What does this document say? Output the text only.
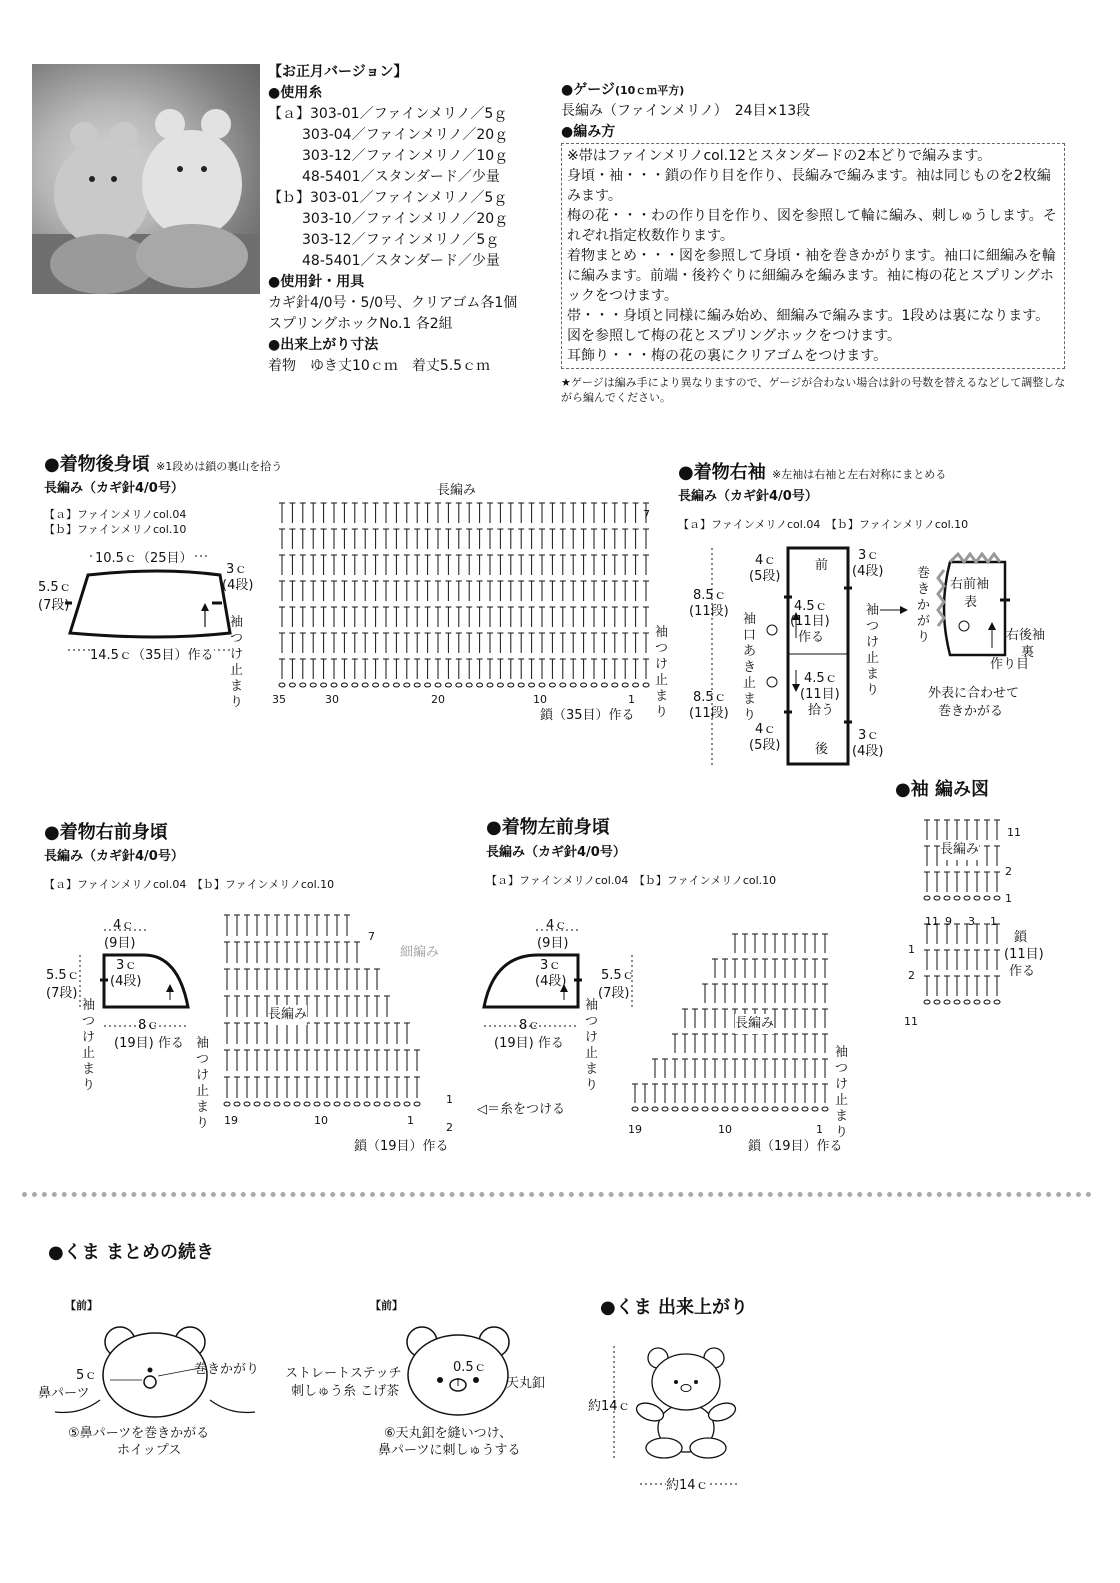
【お正月バージョン】
●使用糸
【ａ】303-01／ファインメリノ／5ｇ
303-04／ファインメリノ／20ｇ
303-12／ファインメリノ／10ｇ
48-5401／スタンダード／少量
【ｂ】303-01／ファインメリノ／5ｇ
303-10／ファインメリノ／20ｇ
303-12／ファインメリノ／5ｇ
48-5401／スタンダード／少量
●使用針・用具
カギ針4/0号・5/0号、クリアゴム各1個
スプリングホックNo.1 各2組
●出来上がり寸法
着物　ゆき丈10ｃｍ　着丈5.5ｃｍ
●ゲージ(10ｃｍ平方)
長編み（ファインメリノ）　24目×13段
●編み方
※帯はファインメリノcol.12とスタンダードの2本どりで編みます。
身頃・袖・・・鎖の作り目を作り、長編みで編みます。袖は同じものを2枚編みます。
梅の花・・・わの作り目を作り、図を参照して輪に編み、刺しゅうします。それぞれ指定枚数作ります。
着物まとめ・・・図を参照して身頃・袖を巻きかがります。袖口に細編みを輪に編みます。前端・後衿ぐりに細編みを編みます。袖に梅の花とスプリングホックをつけます。
帯・・・身頃と同様に編み始め、細編みで編みます。1段めは裏になります。図を参照して梅の花とスプリングホックをつけます。
耳飾り・・・梅の花の裏にクリアゴムをつけます。
★ゲージは編み手により異なりますので、ゲージが合わない場合は針の号数を替えるなどして調整しながら編んでください。
●着物後身頃 ※1段めは鎖の裏山を拾う
長編み（カギ針4/0号）
【ａ】ファインメリノcol.04
【ｂ】ファインメリノcol.10
10.5ｃ（25目）
5.5ｃ
(7段)
3ｃ
(4段)
袖つけ止まり
14.5ｃ（35目）作る
長編み
7
35	30	20	10	1
鎖（35目）作る
袖つけ止まり
●着物右袖 ※左袖は右袖と左右対称にまとめる
長編み（カギ針4/0号）
【ａ】ファインメリノcol.04　【ｂ】ファインメリノcol.10
前
後
4ｃ
(5段)
3ｃ
(4段)
8.5ｃ
(11段)
8.5ｃ
(11段)
4.5ｃ
(11目)
作る
4.5ｃ
(11目)
拾う
4ｃ
(5段)
3ｃ
(4段)
袖口あき止まり
袖つけ止まり
巻きかがり
右前袖
表
右後袖
裏
作り目
外表に合わせて
巻きかがる
●袖 編み図
長編み
11
2
1
1
2
11
11 9 3 1
鎖
(11目)
作る
●着物右前身頃
長編み（カギ針4/0号）
【ａ】ファインメリノcol.04　【ｂ】ファインメリノcol.10
4ｃ
(9目)
3ｃ
(4段)
5.5ｃ
(7段)
8ｃ
(19目) 作る
袖つけ止まり
長編み
細編み
7
19	10	1
1
2
鎖（19目）作る
袖つけ止まり
◁＝糸をつける
●着物左前身頃
長編み（カギ針4/0号）
【ａ】ファインメリノcol.04　【ｂ】ファインメリノcol.10
4ｃ
(9目)
3ｃ
(4段)	5.5ｃ
(7段)
8ｃ
(19目) 作る
袖つけ止まり
長編み
19	10	1
鎖（19目）作る
袖つけ止まり
●くま まとめの続き
【前】	【前】
5ｃ
鼻パーツ
巻きかがり
⑤鼻パーツを巻きかがる
ホイップス
ストレートステッチ
刺しゅう糸 こげ茶
0.5ｃ
天丸釦
⑥天丸釦を縫いつけ、
鼻パーツに刺しゅうする
●くま 出来上がり
約14ｃ
約14ｃ
